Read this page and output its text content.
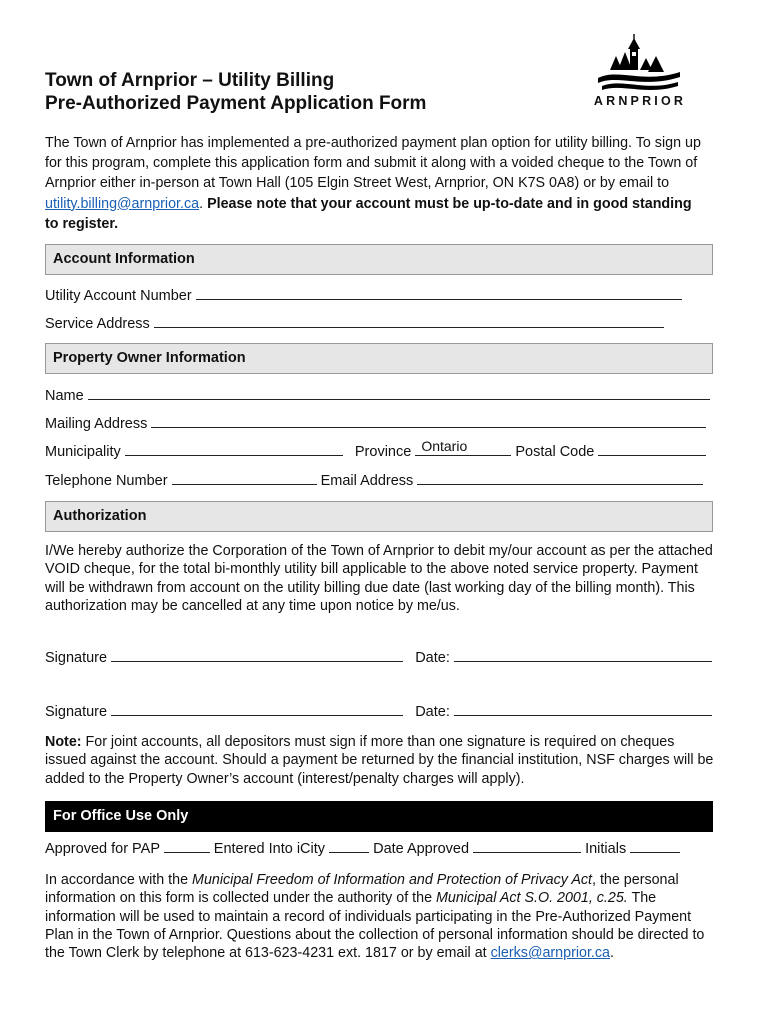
Town of Arnprior – Utility Billing
Pre-Authorized Payment Application Form	ARNPRIOR
The Town of Arnprior has implemented a pre-authorized payment plan option for utility billing. To sign up for this program, complete this application form and submit it along with a voided cheque to the Town of Arnprior either in-person at Town Hall (105 Elgin Street West, Arnprior, ON K7S 0A8) or by email to utility.billing@arnprior.ca. Please note that your account must be up-to-date and in good standing to register.
Account Information
Utility Account Number
Service Address
Property Owner Information
Name
Mailing Address
Municipality	Province Ontario	Postal Code
Telephone Number	Email Address
Authorization
I/We hereby authorize the Corporation of the Town of Arnprior to debit my/our account as per the attached VOID cheque, for the total bi-monthly utility bill applicable to the above noted service property. Payment will be withdrawn from account on the utility billing due date (last working day of the billing month). This authorization may be cancelled at any time upon notice by me/us.
Signature	Date:
Signature	Date:
Note: For joint accounts, all depositors must sign if more than one signature is required on cheques issued against the account. Should a payment be returned by the financial institution, NSF charges will be added to the Property Owner’s account (interest/penalty charges will apply).
For Office Use Only
Approved for PAP	Entered Into iCity	Date Approved	Initials
In accordance with the Municipal Freedom of Information and Protection of Privacy Act, the personal information on this form is collected under the authority of the Municipal Act S.O. 2001, c.25. The information will be used to maintain a record of individuals participating in the Pre-Authorized Payment Plan in the Town of Arnprior. Questions about the collection of personal information should be directed to the Town Clerk by telephone at 613-623-4231 ext. 1817 or by email at clerks@arnprior.ca.
